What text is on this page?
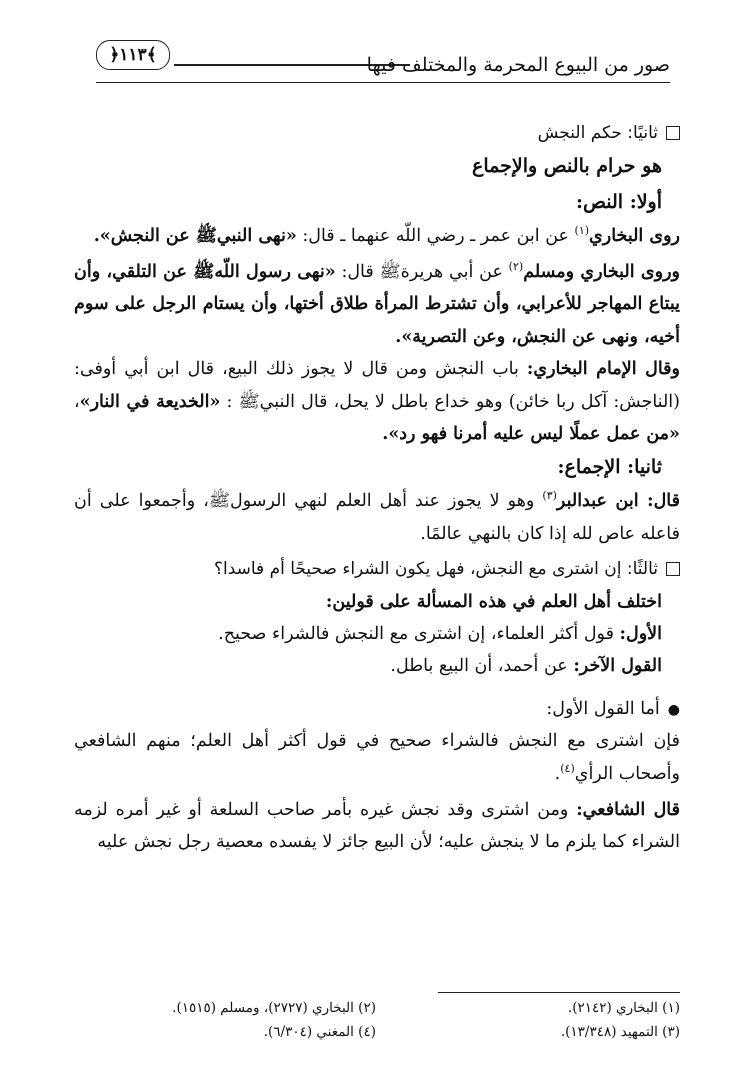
﴿١١٣﴾	صور من البيوع المحرمة والمختلف فيها

ثانيًا: حكم النجش

هو حرام بالنص والإجماع

أولا: النص:

روى البخاري$^{(١)}$ عن ابن عمر ـ رضي اللّه عنهما ـ قال: «نهى النبيﷺ عن النجش».

وروى البخاري ومسلم$^{(٢)}$ عن أبي هريرةﷺ قال: «نهى رسول اللّهﷺ عن التلقي، وأن يبتاع المهاجر للأعرابي، وأن تشترط المرأة طلاق أختها، وأن يستام الرجل على سوم أخيه، ونهى عن النجش، وعن التصرية».

وقال الإمام البخاري: باب النجش ومن قال لا يجوز ذلك البيع، قال ابن أبي أوفى: (الناجش: آكل ربا خائن) وهو خداع باطل لا يحل، قال النبيﷺ : «الخديعة في النار»، «من عمل عملًا ليس عليه أمرنا فهو رد».

ثانيا: الإجماع:

قال: ابن عبدالبر$^{(٣)}$ وهو لا يجوز عند أهل العلم لنهي الرسولﷺ، وأجمعوا على أن فاعله عاص لله إذا كان بالنهي عالمًا.

ثالثًا: إن اشترى مع النجش، فهل يكون الشراء صحيحًا أم فاسدا؟

اختلف أهل العلم في هذه المسألة على قولين:

الأول: قول أكثر العلماء، إن اشترى مع النجش فالشراء صحيح.

القول الآخر: عن أحمد، أن البيع باطل.

●أما القول الأول:

فإن اشترى مع النجش فالشراء صحيح في قول أكثر أهل العلم؛ منهم الشافعي وأصحاب الرأي$^{(٤)}$.

قال الشافعي: ومن اشترى وقد نجش غيره بأمر صاحب السلعة أو غير أمره لزمه الشراء كما يلزم ما لا ينجش عليه؛ لأن البيع جائز لا يفسده معصية رجل نجش عليه

(١) البخاري (٢١٤٢).
(٢) البخاري (٢٧٢٧)، ومسلم (١٥١٥).
(٣) التمهيد (١٣/٣٤٨).
(٤) المغني (٦/٣٠٤).
